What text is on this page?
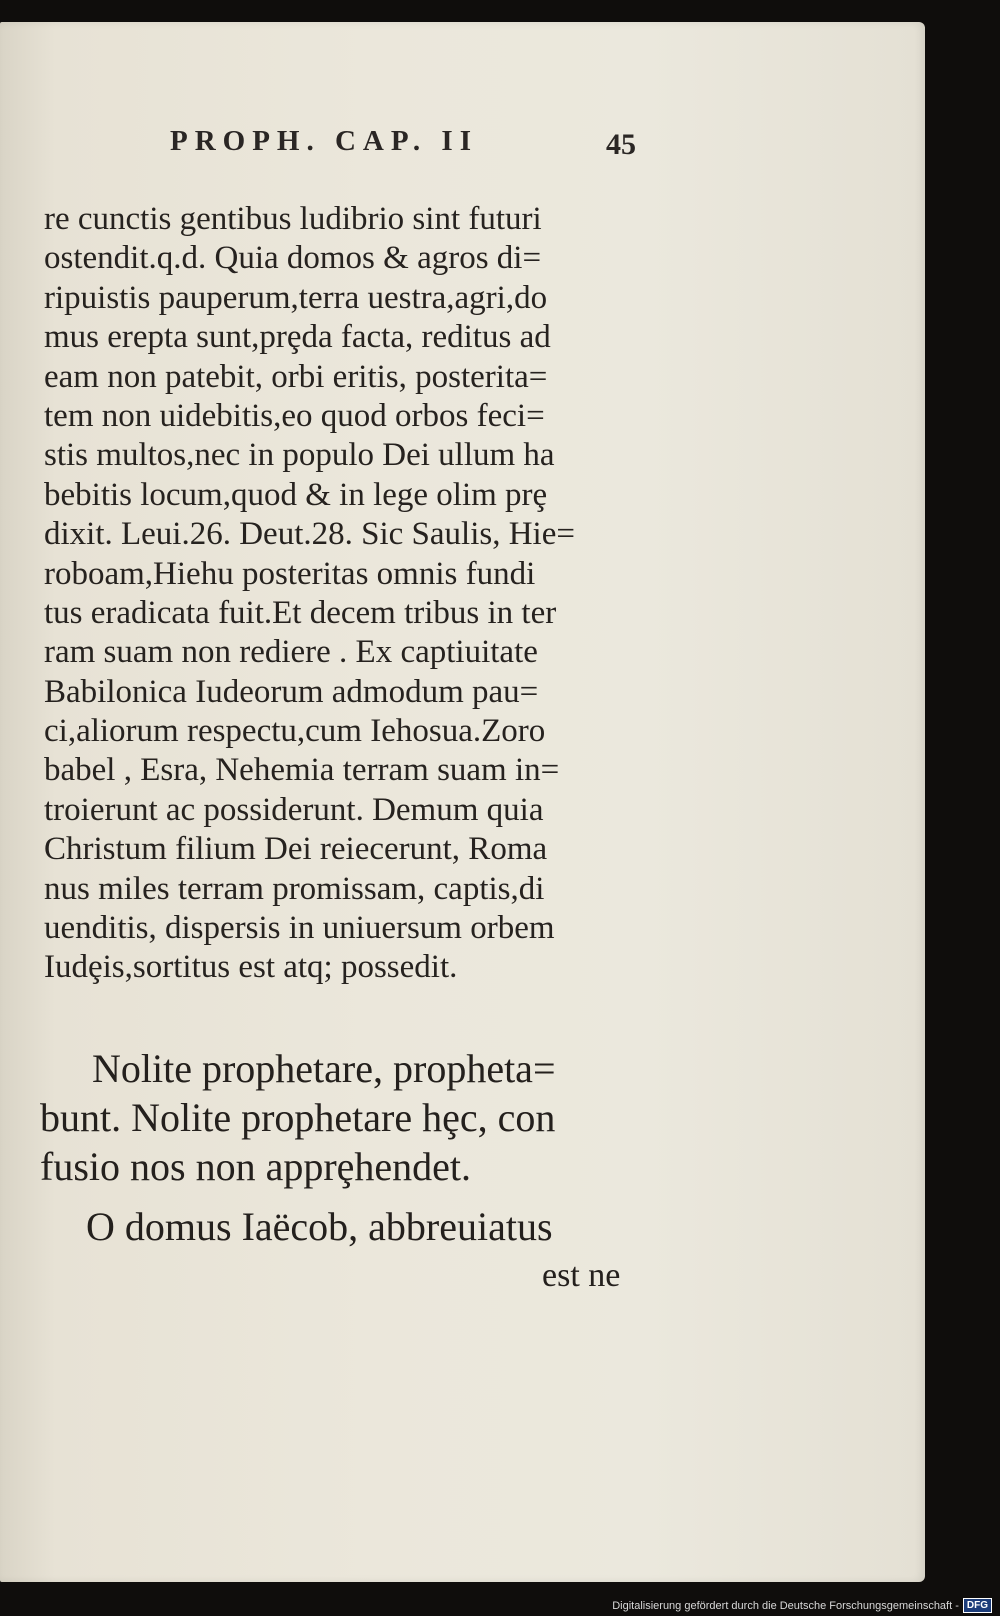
PROPH. CAP. II	45
re cunctis gentibus ludibrio sint futuri
ostendit.q.d. Quia domos & agros di=
ripuistis pauperum,terra uestra,agri,do
mus erepta sunt,prȩda facta, reditus ad
eam non patebit, orbi eritis, posterita=
tem non uidebitis,eo quod orbos feci=
stis multos,nec in populo Dei ullum ha
bebitis locum,quod & in lege olim prȩ
dixit. Leui.26. Deut.28. Sic Saulis, Hie=
roboam,Hiehu posteritas omnis fundi
tus eradicata fuit.Et decem tribus in ter
ram suam non rediere . Ex captiuitate
Babilonica Iudeorum admodum pau=
ci,aliorum respectu,cum Iehosua.Zoro
babel , Esra, Nehemia terram suam in=
troierunt ac possiderunt. Demum quia
Christum filium Dei reiecerunt, Roma
nus miles terram promissam, captis,di
uenditis, dispersis in uniuersum orbem
Iudȩis,sortitus est atq; possedit.
Nolite prophetare, propheta=
bunt. Nolite prophetare hȩc, con
fusio nos non apprȩhendet.
O domus Iaëcob, abbreuiatus
est ne
Digitalisierung gefördert durch die Deutsche Forschungsgemeinschaft - DFG
